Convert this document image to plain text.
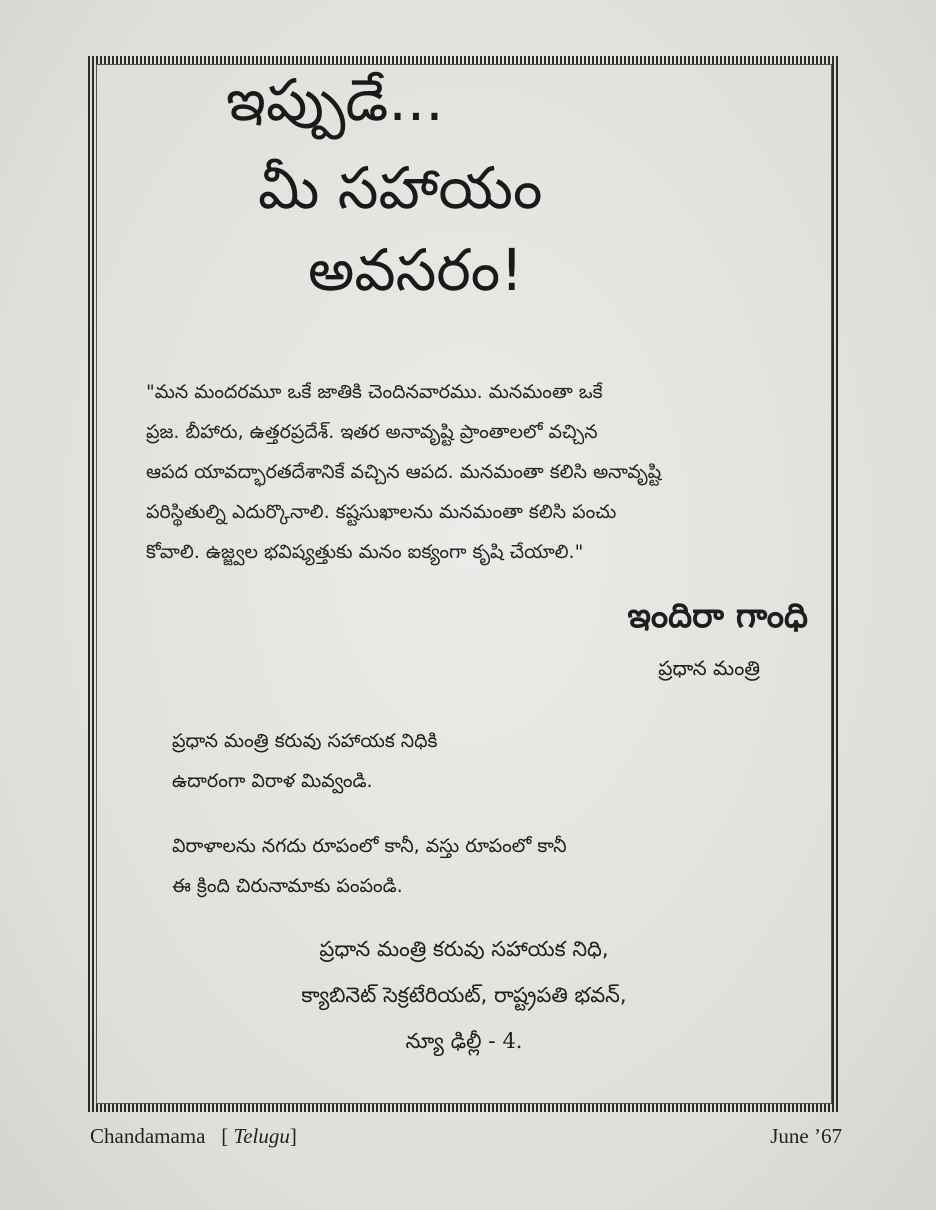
ఇప్పుడే...
మీ సహాయం
అవసరం!
"మన మందరమూ ఒకే జాతికి చెందినవారము. మనమంతా ఒకే
ప్రజ. బీహారు, ఉత్తరప్రదేశ్. ఇతర అనావృష్టి ప్రాంతాలలో వచ్చిన
ఆపద యావద్భారతదేశానికే వచ్చిన ఆపద. మనమంతా కలిసి అనావృష్టి
పరిస్థితుల్ని ఎదుర్కొనాలి. కష్టసుఖాలను మనమంతా కలిసి పంచు
కోవాలి. ఉజ్జ్వల భవిష్యత్తుకు మనం ఐక్యంగా కృషి చేయాలి."
ఇందిరా గాంధి
ప్రధాన మంత్రి
ప్రధాన మంత్రి కరువు సహాయక నిధికి
ఉదారంగా విరాళ మివ్వండి.
విరాళాలను నగదు రూపంలో కానీ, వస్తు రూపంలో కానీ
ఈ క్రింది చిరునామాకు పంపండి.
ప్రధాన మంత్రి కరువు సహాయక నిధి,
క్యాబినెట్ సెక్రటేరియట్, రాష్ట్రపతి భవన్,
న్యూ ఢిల్లీ - 4.
Chandamama   [ Telugu]	June ’67
